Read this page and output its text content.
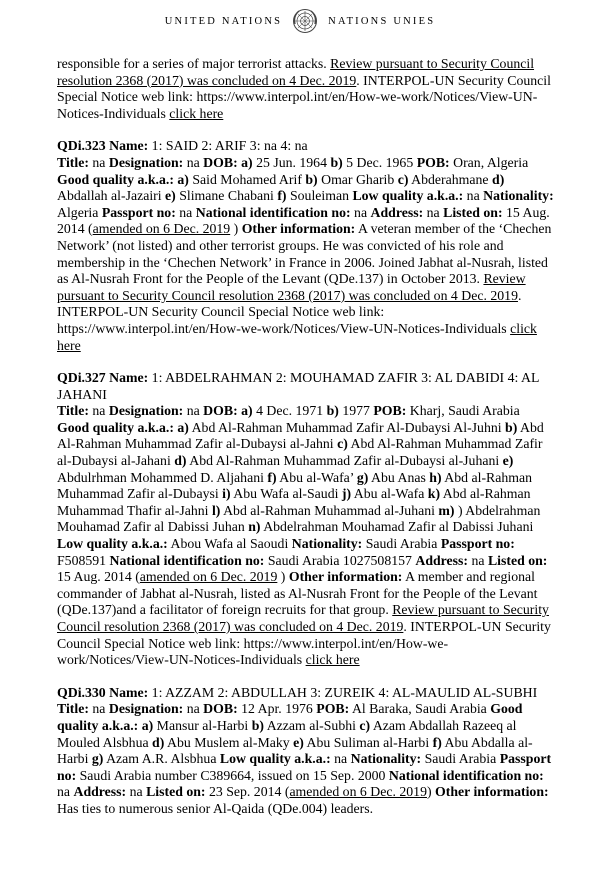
UNITED NATIONS	NATIONS UNIES

responsible for a series of major terrorist attacks. Review pursuant to Security Council resolution 2368 (2017) was concluded on 4 Dec. 2019. INTERPOL-UN Security Council Special Notice web link: https://www.interpol.int/en/How-we-work/Notices/View-UN-Notices-Individuals click here

QDi.323 Name: 1: SAID 2: ARIF 3: na 4: na
Title: na Designation: na DOB: a) 25 Jun. 1964 b) 5 Dec. 1965 POB: Oran, Algeria Good quality a.k.a.: a) Said Mohamed Arif b) Omar Gharib c) Abderahmane d) Abdallah al-Jazairi e) Slimane Chabani f) Souleiman Low quality a.k.a.: na Nationality: Algeria Passport no: na National identification no: na Address: na Listed on: 15 Aug. 2014 (amended on 6 Dec. 2019 ) Other information: A veteran member of the ‘Chechen Network’ (not listed) and other terrorist groups. He was convicted of his role and membership in the ‘Chechen Network’ in France in 2006. Joined Jabhat al-Nusrah, listed as Al-Nusrah Front for the People of the Levant (QDe.137) in October 2013. Review pursuant to Security Council resolution 2368 (2017) was concluded on 4 Dec. 2019. INTERPOL-UN Security Council Special Notice web link: https://www.interpol.int/en/How-we-work/Notices/View-UN-Notices-Individuals click here

QDi.327 Name: 1: ABDELRAHMAN 2: MOUHAMAD ZAFIR 3: AL DABIDI 4: AL JAHANI
Title: na Designation: na DOB: a) 4 Dec. 1971 b) 1977 POB: Kharj, Saudi Arabia Good quality a.k.a.: a) Abd Al-Rahman Muhammad Zafir Al-Dubaysi Al-Juhni b) Abd Al-Rahman Muhammad Zafir al-Dubaysi al-Jahni c) Abd Al-Rahman Muhammad Zafir al-Dubaysi al-Jahani d) Abd Al-Rahman Muhammad Zafir al-Dubaysi al-Juhani e) Abdulrhman Mohammed D. Aljahani f) Abu al-Wafa’ g) Abu Anas h) Abd al-Rahman Muhammad Zafir al-Dubaysi i) Abu Wafa al-Saudi j) Abu al-Wafa k) Abd al-Rahman Muhammad Thafir al-Jahni l) Abd al-Rahman Muhammad al-Juhani m) ) Abdelrahman Mouhamad Zafir al Dabissi Juhan n) Abdelrahman Mouhamad Zafir al Dabissi Juhani Low quality a.k.a.: Abou Wafa al Saoudi Nationality: Saudi Arabia Passport no: F508591 National identification no: Saudi Arabia 1027508157 Address: na Listed on: 15 Aug. 2014 (amended on 6 Dec. 2019 ) Other information: A member and regional commander of Jabhat al-Nusrah, listed as Al-Nusrah Front for the People of the Levant (QDe.137)and a facilitator of foreign recruits for that group. Review pursuant to Security Council resolution 2368 (2017) was concluded on 4 Dec. 2019. INTERPOL-UN Security Council Special Notice web link: https://www.interpol.int/en/How-we-work/Notices/View-UN-Notices-Individuals click here

QDi.330 Name: 1: AZZAM 2: ABDULLAH 3: ZUREIK 4: AL-MAULID AL-SUBHI
Title: na Designation: na DOB: 12 Apr. 1976 POB: Al Baraka, Saudi Arabia Good quality a.k.a.: a) Mansur al-Harbi b) Azzam al-Subhi c) Azam Abdallah Razeeq al Mouled Alsbhua d) Abu Muslem al-Maky e) Abu Suliman al-Harbi f) Abu Abdalla al-Harbi g) Azam A.R. Alsbhua Low quality a.k.a.: na Nationality: Saudi Arabia Passport no: Saudi Arabia number C389664, issued on 15 Sep. 2000 National identification no: na Address: na Listed on: 23 Sep. 2014 (amended on 6 Dec. 2019) Other information: Has ties to numerous senior Al-Qaida (QDe.004) leaders.
